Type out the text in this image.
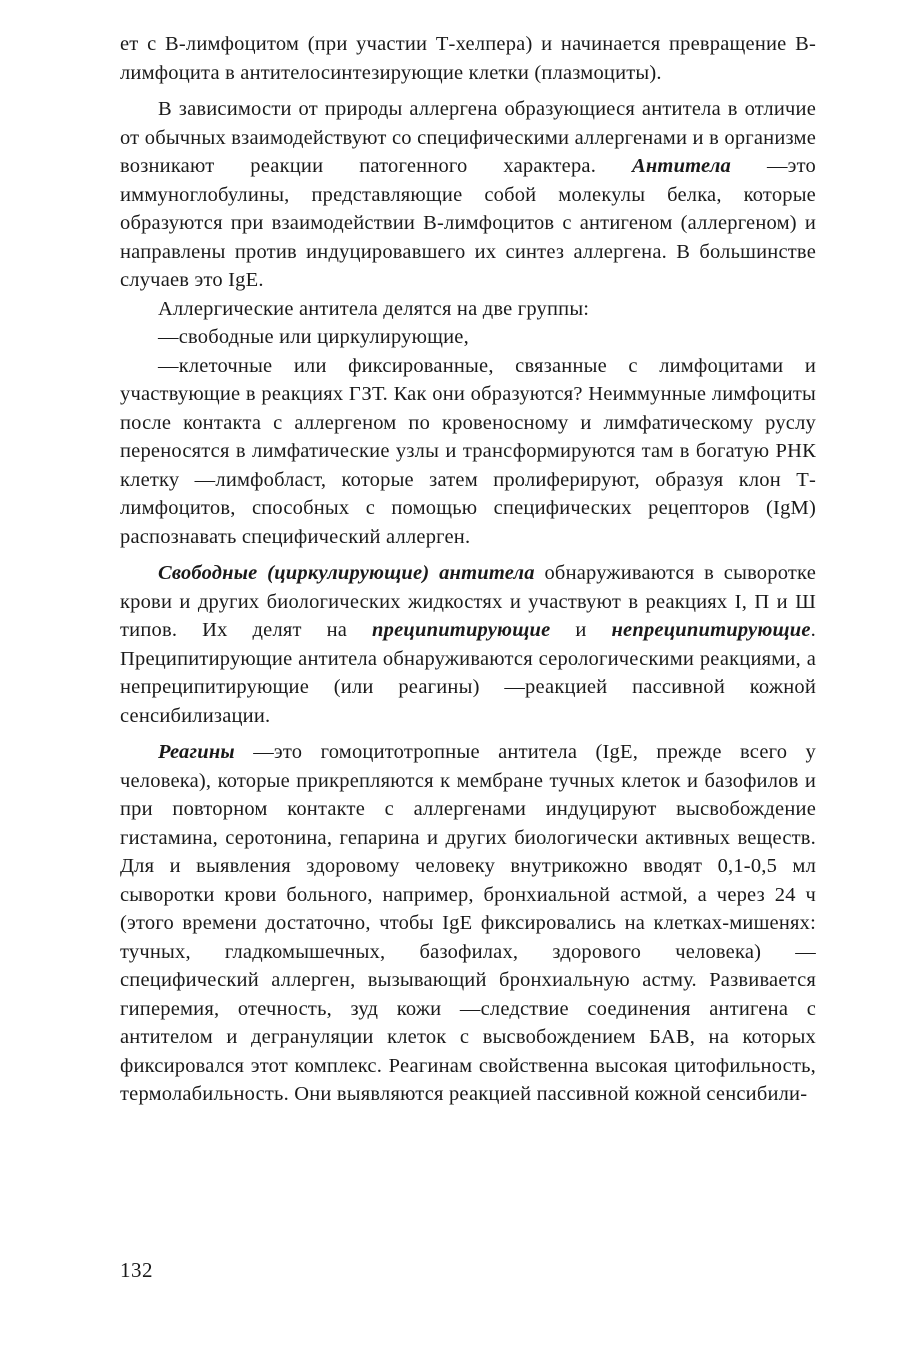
ет с В-лимфоцитом (при участии Т-хелпера) и начинается превращение В-лимфоцита в антителосинтезирующие клетки (плазмоциты).

В зависимости от природы аллергена образующиеся антитела в отличие от обычных взаимодействуют со специфическими аллергенами и в организме возникают реакции патогенного характера. Антитела —это иммуноглобулины, представляющие собой молекулы белка, которые образуются при взаимодействии В-лимфоцитов с антигеном (аллергеном) и направлены против индуцировавшего их синтез аллергена. В большинстве случаев это IgE.

Аллергические антитела делятся на две группы:

—свободные или циркулирующие,

—клеточные или фиксированные, связанные с лимфоцитами и участвующие в реакциях ГЗТ. Как они образуются? Неиммунные лимфоциты после контакта с аллергеном по кровеносному и лимфатическому руслу переносятся в лимфатические узлы и трансформируются там в богатую РНК клетку —лимфобласт, которые затем пролиферируют, образуя клон Т-лимфоцитов, способных с помощью специфических рецепторов (IgM) распознавать специфический аллерген.

Свободные (циркулирующие) антитела обнаруживаются в сыворотке крови и других биологических жидкостях и участвуют в реакциях I, П и Ш типов. Их делят на преципитирующие и непреципитирующие. Преципитирующие антитела обнаруживаются серологическими реакциями, а непреципитирующие (или реагины) —реакцией пассивной кожной сенсибилизации.

Реагины —это гомоцитотропные антитела (IgE, прежде всего у человека), которые прикрепляются к мембране тучных клеток и базофилов и при повторном контакте с аллергенами индуцируют высвобождение гистамина, серотонина, гепарина и других биологически активных веществ. Для и выявления здоровому человеку внутрикожно вводят 0,1-0,5 мл сыворотки крови больного, например, бронхиальной астмой, а через 24 ч (этого времени достаточно, чтобы IgE фиксировались на клетках-мишенях: тучных, гладкомышечных, базофилах, здорового человека) — специфический аллерген, вызывающий бронхиальную астму. Развивается гиперемия, отечность, зуд кожи —следствие соединения антигена с антителом и дегрануляции клеток с высвобождением БАВ, на которых фиксировался этот комплекс. Реагинам свойственна высокая цитофильность, термолабильность. Они выявляются реакцией пассивной кожной сенсибили-

132
